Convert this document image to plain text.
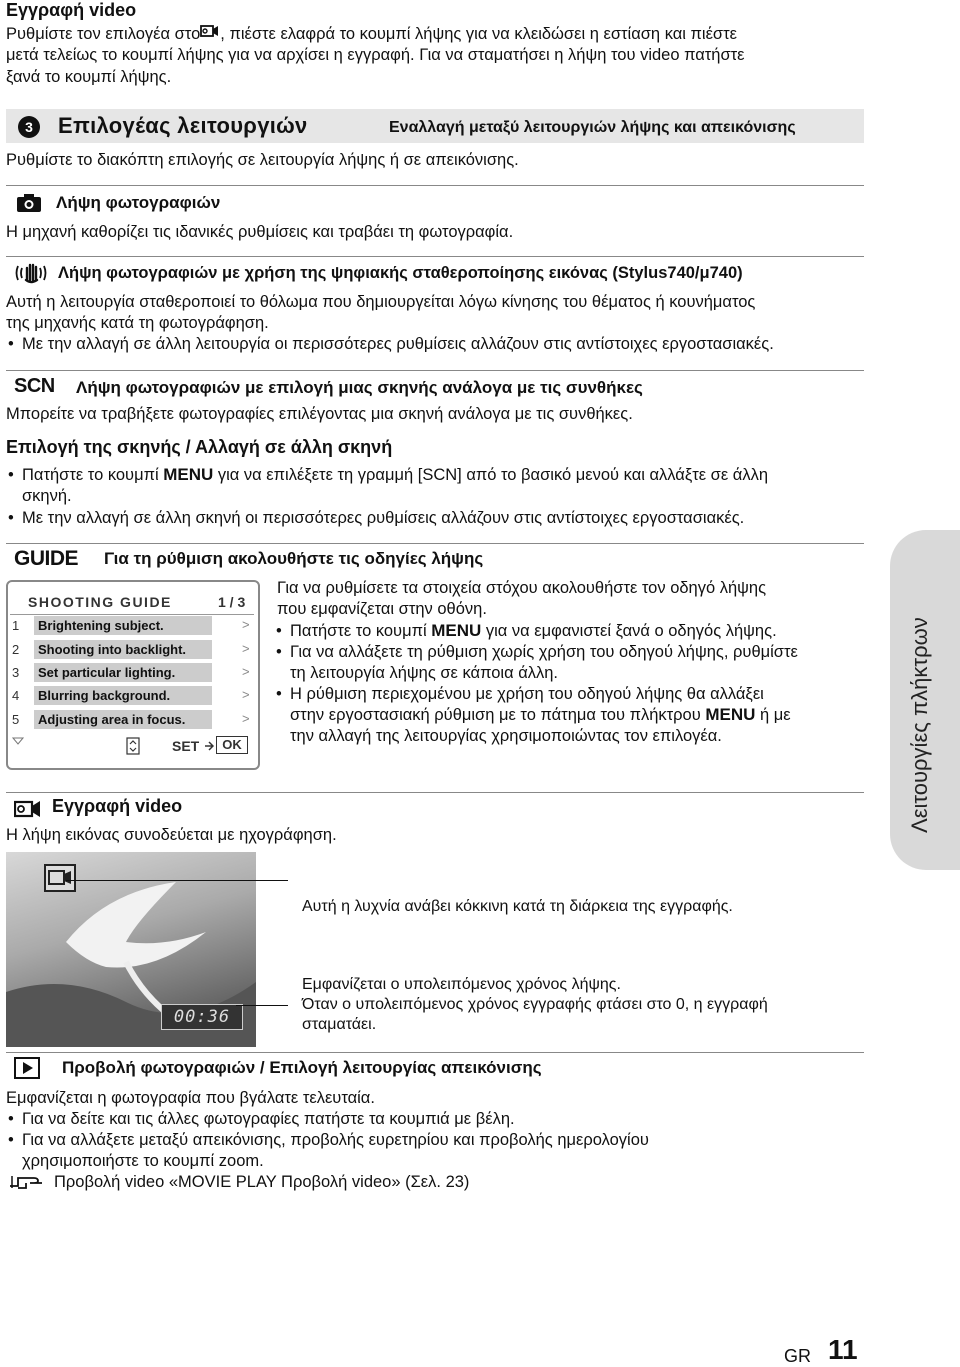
Εγγραφή video
Ρυθμίστε τον επιλογέα στο , πιέστε ελαφρά το κουμπί λήψης για να κλειδώσει η εστίαση και πιέστε
μετά τελείως το κουμπί λήψης για να αρχίσει η εγγραφή. Για να σταματήσει η λήψη του video πατήστε
ξανά το κουμπί λήψης.
3	Επιλογέας λειτουργιών	Εναλλαγή μεταξύ λειτουργιών λήψης και απεικόνισης
Ρυθμίστε το διακόπτη επιλογής σε λειτουργία λήψης ή σε απεικόνισης.
Λήψη φωτογραφιών
Η μηχανή καθορίζει τις ιδανικές ρυθμίσεις και τραβάει τη φωτογραφία.
Λήψη φωτογραφιών με χρήση της ψηφιακής σταθεροποίησης εικόνας (Stylus740/μ740)
Αυτή η λειτουργία σταθεροποιεί το θόλωμα που δημιουργείται λόγω κίνησης του θέματος ή κουνήματος
της μηχανής κατά τη φωτογράφηση.
• Με την αλλαγή σε άλλη λειτουργία οι περισσότερες ρυθμίσεις αλλάζουν στις αντίστοιχες εργοστασιακές.
SCN Λήψη φωτογραφιών με επιλογή μιας σκηνής ανάλογα με τις συνθήκες
Μπορείτε να τραβήξετε φωτογραφίες επιλέγοντας μια σκηνή ανάλογα με τις συνθήκες.
Επιλογή της σκηνής / Αλλαγή σε άλλη σκηνή
• Πατήστε το κουμπί MENU για να επιλέξετε τη γραμμή [SCN] από το βασικό μενού και αλλάξτε σε άλλη
σκηνή.
• Με την αλλαγή σε άλλη σκηνή οι περισσότερες ρυθμίσεις αλλάζουν στις αντίστοιχες εργοστασιακές.
GUIDE Για τη ρύθμιση ακολουθήστε τις οδηγίες λήψης
Για να ρυθμίσετε τα στοιχεία στόχου ακολουθήστε τον οδηγό λήψης
που εμφανίζεται στην οθόνη.
• Πατήστε το κουμπί MENU για να εμφανιστεί ξανά ο οδηγός λήψης.
• Για να αλλάξετε τη ρύθμιση χωρίς χρήση του οδηγού λήψης, ρυθμίστε
τη λειτουργία λήψης σε κάποια άλλη.
• Η ρύθμιση περιεχομένου με χρήση του οδηγού λήψης θα αλλάξει
στην εργοστασιακή ρύθμιση με το πάτημα του πλήκτρου MENU ή με
την αλλαγή της λειτουργίας χρησιμοποιώντας τον επιλογέα.
SHOOTING GUIDE	1 / 3
1	Brightening subject.	>
2	Shooting into backlight.	>
3	Set particular lighting.	>
4	Blurring background.	>
5	Adjusting area in focus.	>
SET	OK
Εγγραφή video
Η λήψη εικόνας συνοδεύεται με ηχογράφηση.
00:36
Αυτή η λυχνία ανάβει κόκκινη κατά τη διάρκεια της εγγραφής.
Εμφανίζεται ο υπολειπόμενος χρόνος λήψης.
Όταν ο υπολειπόμενος χρόνος εγγραφής φτάσει στο 0, η εγγραφή
σταματάει.
Προβολή φωτογραφιών / Επιλογή λειτουργίας απεικόνισης
Εμφανίζεται η φωτογραφία που βγάλατε τελευταία.
• Για να δείτε και τις άλλες φωτογραφίες πατήστε τα κουμπιά με βέλη.
• Για να αλλάξετε μεταξύ απεικόνισης, προβολής ευρετηρίου και προβολής ημερολογίου
χρησιμοποιήστε το κουμπί zoom.
Προβολή video «MOVIE PLAY Προβολή video» (Σελ. 23)
Λειτουργίες πλήκτρων
GR 11
